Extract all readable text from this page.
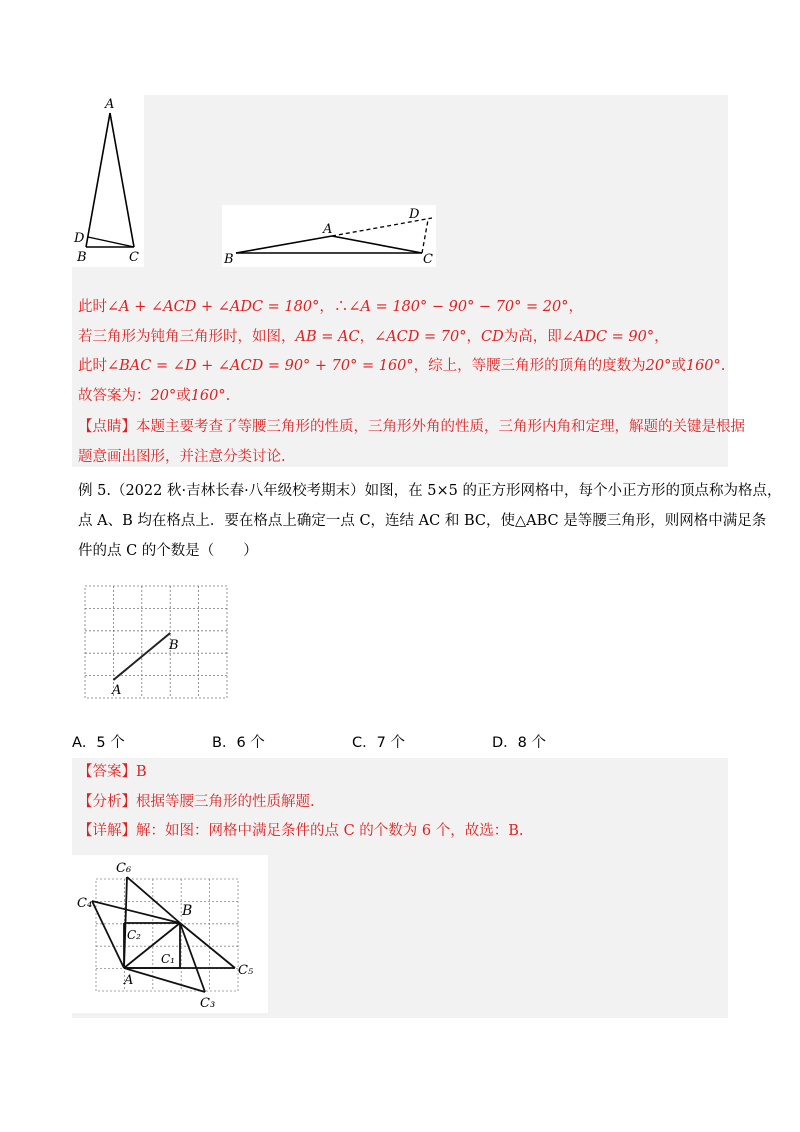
A
D
B	C
A
D
B	C
此时∠A + ∠ACD + ∠ADC = 180°，∴∠A = 180° − 90° − 70° = 20°，
若三角形为钝角三角形时，如图，AB = AC，∠ACD = 70°，CD为高，即∠ADC = 90°，
此时∠BAC = ∠D + ∠ACD = 90° + 70° = 160°，综上，等腰三角形的顶角的度数为20°或160°.
故答案为：20°或160°.
【点睛】本题主要考查了等腰三角形的性质，三角形外角的性质，三角形内角和定理，解题的关键是根据
题意画出图形，并注意分类讨论.
例 5.（2022 秋·吉林长春·八年级校考期末）如图，在 5×5 的正方形网格中，每个小正方形的顶点称为格点，
点 A、B 均在格点上．要在格点上确定一点 C，连结 AC 和 BC，使△ABC 是等腰三角形，则网格中满足条
件的点 C 的个数是（　　）
A
B
A．5 个	B．6 个	C．7 个	D．8 个
【答案】B
【分析】根据等腰三角形的性质解题.
【详解】解：如图：网格中满足条件的点 C 的个数为 6 个，故选：B.
C₆
C₄	B
C₂
C₁
A
C₅
C₃
